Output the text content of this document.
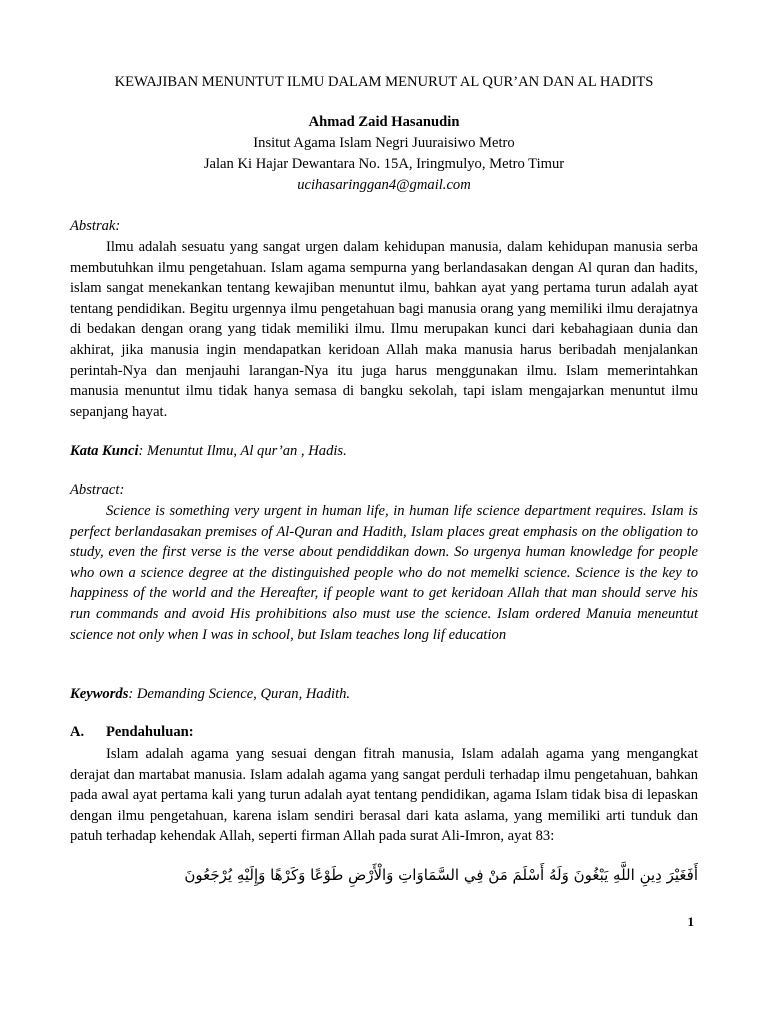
KEWAJIBAN MENUNTUT ILMU DALAM MENURUT AL QUR’AN DAN AL HADITS
Ahmad Zaid Hasanudin
Insitut Agama Islam Negri Juuraisiwo Metro
Jalan Ki Hajar Dewantara No. 15A, Iringmulyo, Metro Timur
ucihasaringgan4@gmail.com
Abstrak:
Ilmu adalah sesuatu yang sangat urgen dalam kehidupan manusia, dalam kehidupan manusia serba membutuhkan ilmu pengetahuan. Islam agama sempurna yang berlandasakan dengan Al quran dan hadits, islam sangat menekankan tentang kewajiban menuntut ilmu, bahkan ayat yang pertama turun adalah ayat tentang pendidikan. Begitu urgennya ilmu pengetahuan bagi manusia orang yang memiliki ilmu derajatnya di bedakan dengan orang yang tidak memiliki ilmu. Ilmu merupakan kunci dari kebahagiaan dunia dan akhirat, jika manusia ingin mendapatkan keridoan Allah maka manusia harus beribadah menjalankan perintah-Nya dan menjauhi larangan-Nya itu juga harus menggunakan ilmu. Islam memerintahkan manusia menuntut ilmu tidak hanya semasa di bangku sekolah, tapi islam mengajarkan menuntut ilmu sepanjang hayat.
Kata Kunci: Menuntut Ilmu, Al qur’an , Hadis.
Abstract:
Science is something very urgent in human life, in human life science department requires. Islam is perfect berlandasakan premises of Al-Quran and Hadith, Islam places great emphasis on the obligation to study, even the first verse is the verse about pendiddikan down. So urgenya human knowledge for people who own a science degree at the distinguished people who do not memelki science. Science is the key to happiness of the world and the Hereafter, if people want to get keridoan Allah that man should serve his run commands and avoid His prohibitions also must use the science. Islam ordered Manuia meneuntut science not only when I was in school, but Islam teaches long lif education
Keywords: Demanding Science, Quran, Hadith.
A. Pendahuluan:
Islam adalah agama yang sesuai dengan fitrah manusia, Islam adalah agama yang mengangkat derajat dan martabat manusia. Islam adalah agama yang sangat perduli terhadap ilmu pengetahuan, bahkan pada awal ayat pertama kali yang turun adalah ayat tentang pendidikan, agama Islam tidak bisa di lepaskan dengan ilmu pengetahuan, karena islam sendiri berasal dari kata aslama, yang memiliki arti tunduk dan patuh terhadap kehendak Allah, seperti firman Allah pada surat Ali-Imron, ayat 83:
أَفَغَيْرَ دِينِ اللَّهِ يَبْغُونَ وَلَهُ أَسْلَمَ مَنْ فِي السَّمَاوَاتِ وَالْأَرْضِ طَوْعًا وَكَرْهًا وَإِلَيْهِ يُرْجَعُونَ
1
